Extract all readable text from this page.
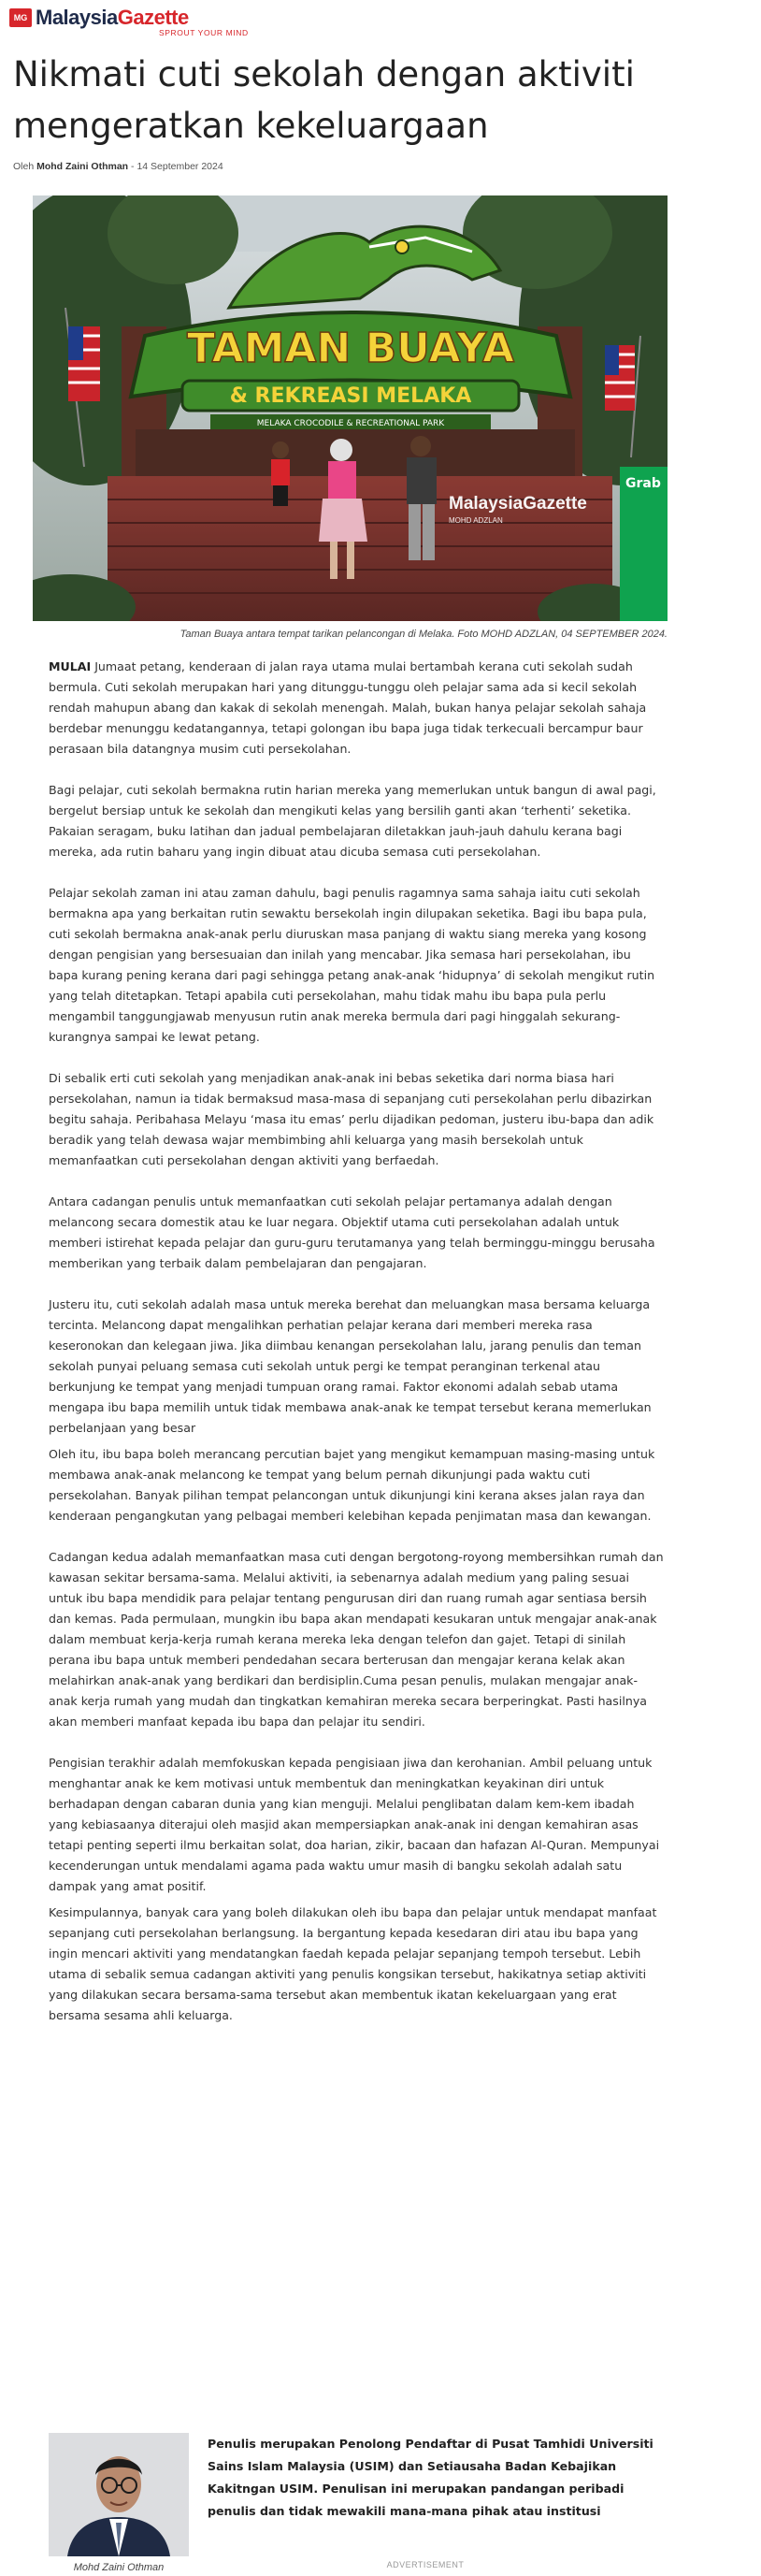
MG MalaysiaGazette
SPROUT YOUR MIND
Nikmati cuti sekolah dengan aktiviti mengeratkan kekeluargaan
Oleh Mohd Zaini Othman - 14 September 2024
TAMAN BUAYA
& REKREASI MELAKA
MELAKA CROCODILE & RECREATIONAL PARK
Grab
MalaysiaGazette
MOHD ADZLAN
Taman Buaya antara tempat tarikan pelancongan di Melaka. Foto MOHD ADZLAN, 04 SEPTEMBER 2024.

MULAI Jumaat petang, kenderaan di jalan raya utama mulai bertambah kerana cuti sekolah sudah bermula. Cuti sekolah merupakan hari yang ditunggu-tunggu oleh pelajar sama ada si kecil sekolah rendah mahupun abang dan kakak di sekolah menengah. Malah, bukan hanya pelajar sekolah sahaja berdebar menunggu kedatangannya, tetapi golongan ibu bapa juga tidak terkecuali bercampur baur perasaan bila datangnya musim cuti persekolahan.

Bagi pelajar, cuti sekolah bermakna rutin harian mereka yang memerlukan untuk bangun di awal pagi, bergelut bersiap untuk ke sekolah dan mengikuti kelas yang bersilih ganti akan ‘terhenti’ seketika. Pakaian seragam, buku latihan dan jadual pembelajaran diletakkan jauh-jauh dahulu kerana bagi mereka, ada rutin baharu yang ingin dibuat atau dicuba semasa cuti persekolahan.

Pelajar sekolah zaman ini atau zaman dahulu, bagi penulis ragamnya sama sahaja iaitu cuti sekolah bermakna apa yang berkaitan rutin sewaktu bersekolah ingin dilupakan seketika. Bagi ibu bapa pula, cuti sekolah bermakna anak-anak perlu diuruskan masa panjang di waktu siang mereka yang kosong dengan pengisian yang bersesuaian dan inilah yang mencabar. Jika semasa hari persekolahan, ibu bapa kurang pening kerana dari pagi sehingga petang anak-anak ‘hidupnya’ di sekolah mengikut rutin yang telah ditetapkan. Tetapi apabila cuti persekolahan, mahu tidak mahu ibu bapa pula perlu mengambil tanggungjawab menyusun rutin anak mereka bermula dari pagi hinggalah sekurang-kurangnya sampai ke lewat petang.

Di sebalik erti cuti sekolah yang menjadikan anak-anak ini bebas seketika dari norma biasa hari persekolahan, namun ia tidak bermaksud masa-masa di sepanjang cuti persekolahan perlu dibazirkan begitu sahaja. Peribahasa Melayu ‘masa itu emas’ perlu dijadikan pedoman, justeru ibu-bapa dan adik beradik yang telah dewasa wajar membimbing ahli keluarga yang masih bersekolah untuk memanfaatkan cuti persekolahan dengan aktiviti yang berfaedah.

Antara cadangan penulis untuk memanfaatkan cuti sekolah pelajar pertamanya adalah dengan melancong secara domestik atau ke luar negara. Objektif utama cuti persekolahan adalah untuk memberi istirehat kepada pelajar dan guru-guru terutamanya yang telah berminggu-minggu berusaha memberikan yang terbaik dalam pembelajaran dan pengajaran.

Justeru itu, cuti sekolah adalah masa untuk mereka berehat dan meluangkan masa bersama keluarga tercinta. Melancong dapat mengalihkan perhatian pelajar kerana dari memberi mereka rasa keseronokan dan kelegaan jiwa. Jika diimbau kenangan persekolahan lalu, jarang penulis dan teman sekolah punyai peluang semasa cuti sekolah untuk pergi ke tempat peranginan terkenal atau berkunjung ke tempat yang menjadi tumpuan orang ramai. Faktor ekonomi adalah sebab utama mengapa ibu bapa memilih untuk tidak membawa anak-anak ke tempat tersebut kerana memerlukan perbelanjaan yang besar

Oleh itu, ibu bapa boleh merancang percutian bajet yang mengikut kemampuan masing-masing untuk membawa anak-anak melancong ke tempat yang belum pernah dikunjungi pada waktu cuti persekolahan. Banyak pilihan tempat pelancongan untuk dikunjungi kini kerana akses jalan raya dan kenderaan pengangkutan yang pelbagai memberi kelebihan kepada penjimatan masa dan kewangan.

Cadangan kedua adalah memanfaatkan masa cuti dengan bergotong-royong membersihkan rumah dan kawasan sekitar bersama-sama. Melalui aktiviti, ia sebenarnya adalah medium yang paling sesuai untuk ibu bapa mendidik para pelajar tentang pengurusan diri dan ruang rumah agar sentiasa bersih dan kemas. Pada permulaan, mungkin ibu bapa akan mendapati kesukaran untuk mengajar anak-anak dalam membuat kerja-kerja rumah kerana mereka leka dengan telefon dan gajet. Tetapi di sinilah perana ibu bapa untuk memberi pendedahan secara berterusan dan mengajar kerana kelak akan melahirkan anak-anak yang berdikari dan berdisiplin.Cuma pesan penulis, mulakan mengajar anak-anak kerja rumah yang mudah dan tingkatkan kemahiran mereka secara berperingkat. Pasti hasilnya akan memberi manfaat kepada ibu bapa dan pelajar itu sendiri.

Pengisian terakhir adalah memfokuskan kepada pengisiaan jiwa dan kerohanian. Ambil peluang untuk menghantar anak ke kem motivasi untuk membentuk dan meningkatkan keyakinan diri untuk berhadapan dengan cabaran dunia yang kian menguji. Melalui penglibatan dalam kem-kem ibadah yang kebiasaanya diterajui oleh masjid akan mempersiapkan anak-anak ini dengan kemahiran asas tetapi penting seperti ilmu berkaitan solat, doa harian, zikir, bacaan dan hafazan Al-Quran. Mempunyai kecenderungan untuk mendalami agama pada waktu umur masih di bangku sekolah adalah satu dampak yang amat positif.

Kesimpulannya, banyak cara yang boleh dilakukan oleh ibu bapa dan pelajar untuk mendapat manfaat sepanjang cuti persekolahan berlangsung. Ia bergantung kepada kesedaran diri atau ibu bapa yang ingin mencari aktiviti yang mendatangkan faedah kepada pelajar sepanjang tempoh tersebut. Lebih utama di sebalik semua cadangan aktiviti yang penulis kongsikan tersebut, hakikatnya setiap aktiviti yang dilakukan secara bersama-sama tersebut akan membentuk ikatan kekeluargaan yang erat bersama sesama ahli keluarga.

Mohd Zaini Othman
Penulis merupakan Penolong Pendaftar di Pusat Tamhidi Universiti Sains Islam Malaysia (USIM) dan Setiausaha Badan Kebajikan Kakitngan USIM. Penulisan ini merupakan pandangan peribadi penulis dan tidak mewakili mana-mana pihak atau institusi
ADVERTISEMENT
